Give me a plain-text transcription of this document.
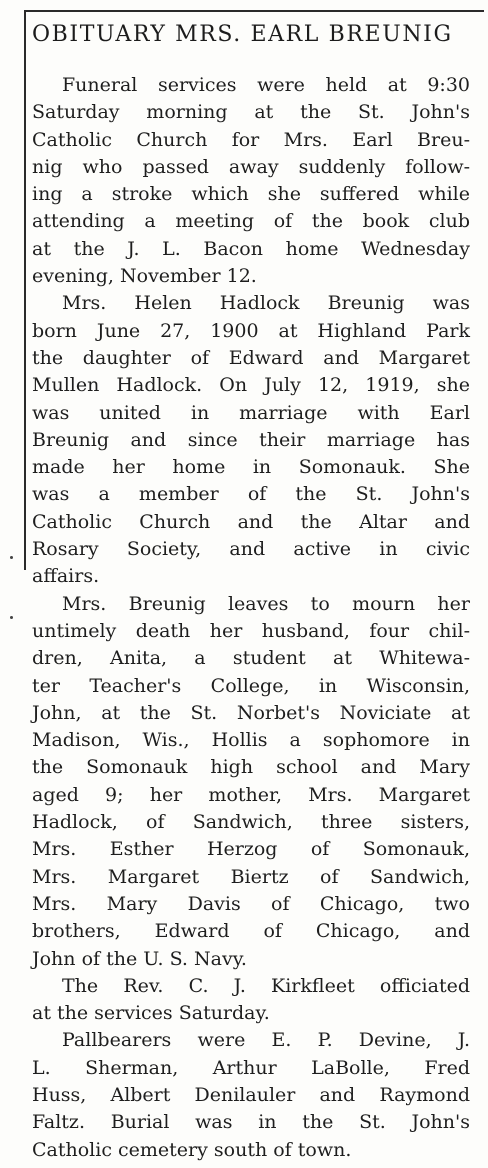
OBITUARY MRS. EARL BREUNIG
Funeral services were held at 9:30
Saturday morning at the St. John's
Catholic Church for Mrs. Earl Breu-
nig who passed away suddenly follow-
ing a stroke which she suffered while
attending a meeting of the book club
at the J. L. Bacon home Wednesday
evening, November 12.
Mrs. Helen Hadlock Breunig was
born June 27, 1900 at Highland Park
the daughter of Edward and Margaret
Mullen Hadlock. On July 12, 1919, she
was united in marriage with Earl
Breunig and since their marriage has
made her home in Somonauk. She
was a member of the St. John's
Catholic Church and the Altar and
Rosary Society, and active in civic
affairs.
Mrs. Breunig leaves to mourn her
untimely death her husband, four chil-
dren, Anita, a student at Whitewa-
ter Teacher's College, in Wisconsin,
John, at the St. Norbet's Noviciate at
Madison, Wis., Hollis a sophomore in
the Somonauk high school and Mary
aged 9; her mother, Mrs. Margaret
Hadlock, of Sandwich, three sisters,
Mrs. Esther Herzog of Somonauk,
Mrs. Margaret Biertz of Sandwich,
Mrs. Mary Davis of Chicago, two
brothers, Edward of Chicago, and
John of the U. S. Navy.
The Rev. C. J. Kirkfleet officiated
at the services Saturday.
Pallbearers were E. P. Devine, J.
L. Sherman, Arthur LaBolle, Fred
Huss, Albert Denilauler and Raymond
Faltz. Burial was in the St. John's
Catholic cemetery south of town.
